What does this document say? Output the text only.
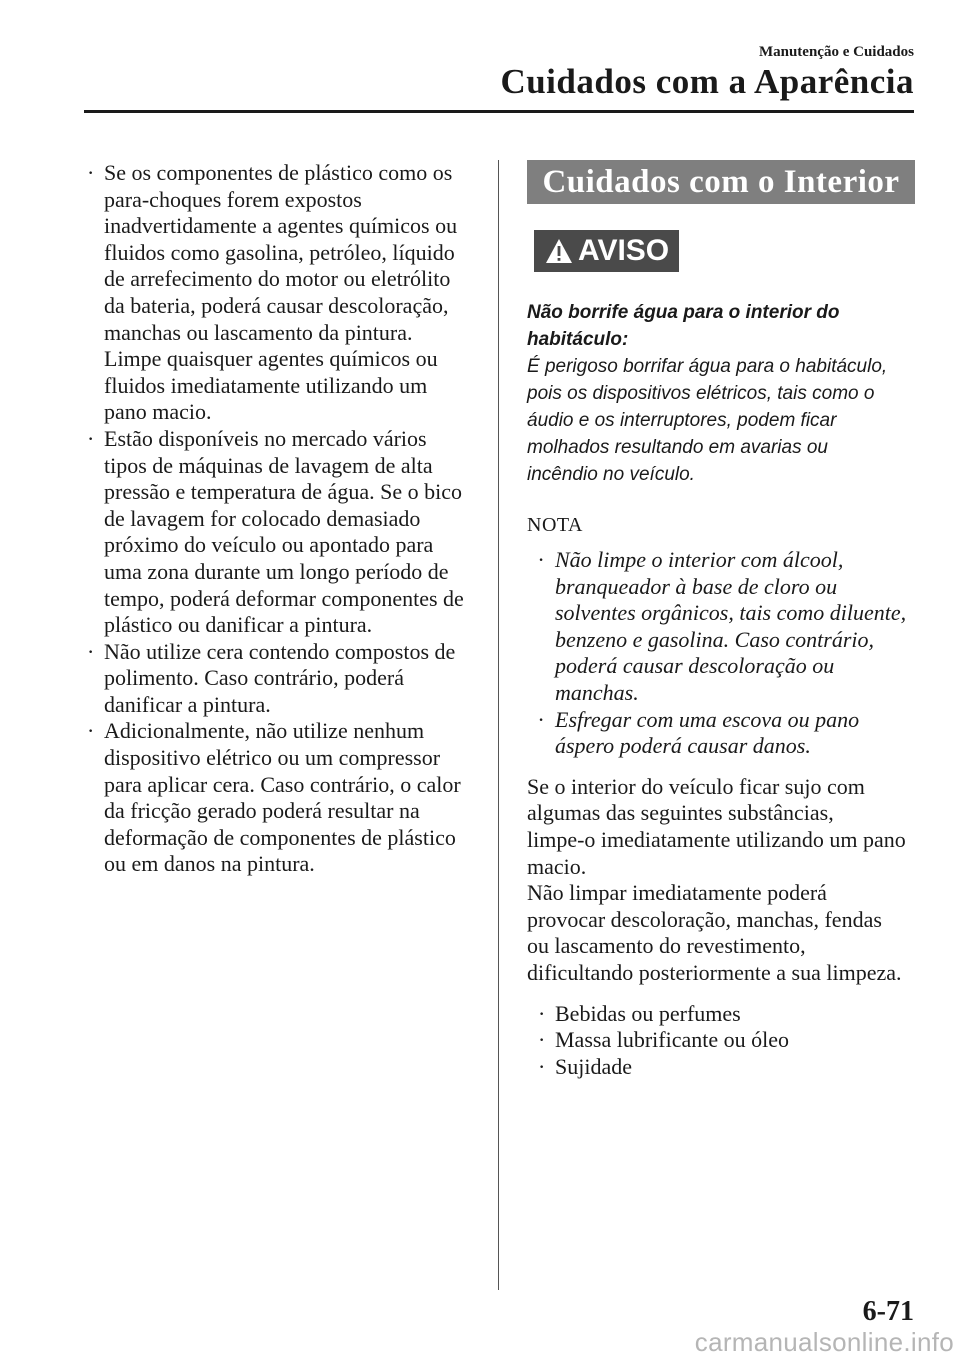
Manutenção e Cuidados
Cuidados com a Aparência
· Se os componentes de plástico como os
para-choques forem expostos
inadvertidamente a agentes químicos ou
fluidos como gasolina, petróleo, líquido
de arrefecimento do motor ou eletrólito
da bateria, poderá causar descoloração,
manchas ou lascamento da pintura.
Limpe quaisquer agentes químicos ou
fluidos imediatamente utilizando um
pano macio.
· Estão disponíveis no mercado vários
tipos de máquinas de lavagem de alta
pressão e temperatura de água. Se o bico
de lavagem for colocado demasiado
próximo do veículo ou apontado para
uma zona durante um longo período de
tempo, poderá deformar componentes de
plástico ou danificar a pintura.
· Não utilize cera contendo compostos de
polimento. Caso contrário, poderá
danificar a pintura.
· Adicionalmente, não utilize nenhum
dispositivo elétrico ou um compressor
para aplicar cera. Caso contrário, o calor
da fricção gerado poderá resultar na
deformação de componentes de plástico
ou em danos na pintura.
Cuidados com o Interior
AVISO
Não borrife água para o interior do
habitáculo:
É perigoso borrifar água para o habitáculo,
pois os dispositivos elétricos, tais como o
áudio e os interruptores, podem ficar
molhados resultando em avarias ou
incêndio no veículo.
NOTA
· Não limpe o interior com álcool,
branqueador à base de cloro ou
solventes orgânicos, tais como diluente,
benzeno e gasolina. Caso contrário,
poderá causar descoloração ou
manchas.
· Esfregar com uma escova ou pano
áspero poderá causar danos.
Se o interior do veículo ficar sujo com
algumas das seguintes substâncias,
limpe-o imediatamente utilizando um pano
macio.
Não limpar imediatamente poderá
provocar descoloração, manchas, fendas
ou lascamento do revestimento,
dificultando posteriormente a sua limpeza.
· Bebidas ou perfumes
· Massa lubrificante ou óleo
· Sujidade
6-71
carmanualsonline.info
